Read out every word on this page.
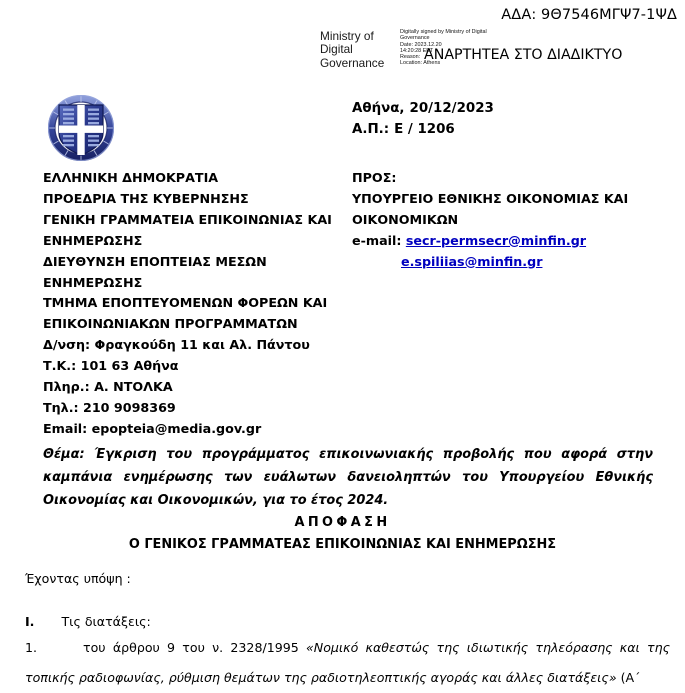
ΑΔΑ: 9Θ7546ΜΓΨ7-1ΨΔ
Ministry of Digital Governance
Digitally signed by Ministry of Digital Governance
Date: 2023.12.20
14:20:28 EET
Reason:
Location: Athens
ΑΝΑΡΤΗΤΕΑ ΣΤΟ ΔΙΑΔΙΚΤΥΟ
Αθήνα, 20/12/2023
Α.Π.: Ε / 1206
ΕΛΛΗΝΙΚΗ ΔΗΜΟΚΡΑΤΙΑ
ΠΡΟΕΔΡΙΑ ΤΗΣ ΚΥΒΕΡΝΗΣΗΣ
ΓΕΝΙΚΗ ΓΡΑΜΜΑΤΕΙΑ ΕΠΙΚΟΙΝΩΝΙΑΣ ΚΑΙ
ΕΝΗΜΕΡΩΣΗΣ
ΔΙΕΥΘΥΝΣΗ ΕΠΟΠΤΕΙΑΣ ΜΕΣΩΝ
ΕΝΗΜΕΡΩΣΗΣ
ΤΜΗΜΑ ΕΠΟΠΤΕΥΟΜΕΝΩΝ ΦΟΡΕΩΝ ΚΑΙ
ΕΠΙΚΟΙΝΩΝΙΑΚΩΝ ΠΡΟΓΡΑΜΜΑΤΩΝ
Δ/νση: Φραγκούδη 11 και Αλ. Πάντου
Τ.Κ.: 101 63 Αθήνα
Πληρ.: Α. ΝΤΟΛΚΑ
Τηλ.: 210 9098369
Email: epopteia@media.gov.gr
ΠΡΟΣ:
ΥΠΟΥΡΓΕΙΟ ΕΘΝΙΚΗΣ ΟΙΚΟΝΟΜΙΑΣ ΚΑΙ
ΟΙΚΟΝΟΜΙΚΩΝ
e-mail: secr-permsecr@minfin.gr
e.spiliias@minfin.gr
Θέμα: Έγκριση του προγράμματος επικοινωνιακής προβολής που αφορά στην καμπάνια ενημέρωσης των ευάλωτων δανειοληπτών του Υπουργείου Εθνικής Οικονομίας και Οικονομικών, για το έτος 2024.
ΑΠΟΦΑΣΗ
Ο ΓΕΝΙΚΟΣ ΓΡΑΜΜΑΤΕΑΣ ΕΠΙΚΟΙΝΩΝΙΑΣ ΚΑΙ ΕΝΗΜΕΡΩΣΗΣ
Έχοντας υπόψη :
I. Τις διατάξεις:
1.	του άρθρου 9 του ν. 2328/1995 «Νομικό καθεστώς της ιδιωτικής τηλεόρασης και της τοπικής ραδιοφωνίας, ρύθμιση θεμάτων της ραδιοτηλεοπτικής αγοράς και άλλες διατάξεις» (Α΄
